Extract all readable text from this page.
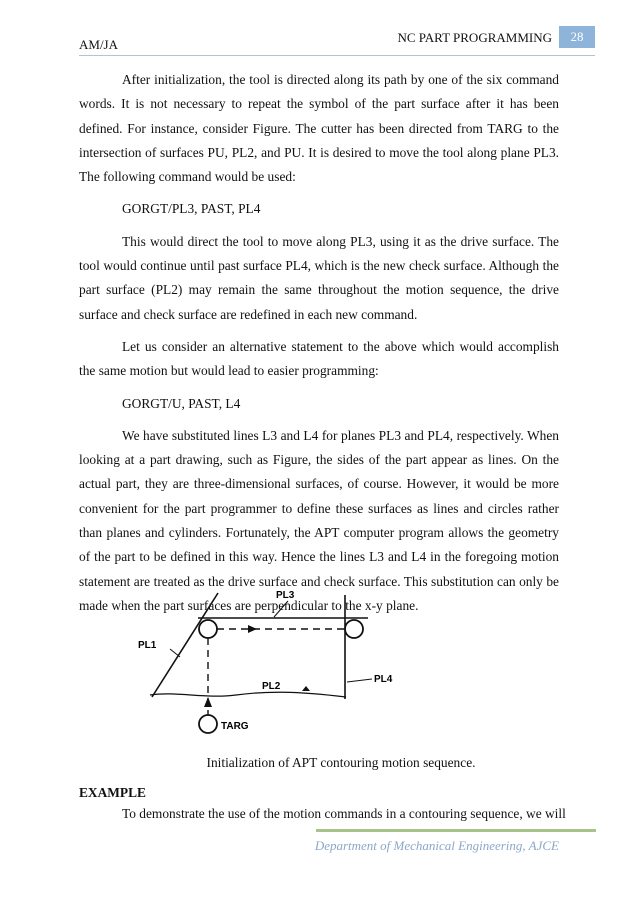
AM/JA	NC PART PROGRAMMING	28

After initialization, the tool is directed along its path by one of the six command words. It is not necessary to repeat the symbol of the part surface after it has been defined. For instance, consider Figure. The cutter has been directed from TARG to the intersection of surfaces PU, PL2, and PU. It is desired to move the tool along plane PL3. The following command would be used:

GORGT/PL3, PAST, PL4

This would direct the tool to move along PL3, using it as the drive surface. The tool would continue until past surface PL4, which is the new check surface. Although the part surface (PL2) may remain the same throughout the motion sequence, the drive surface and check surface are redefined in each new command.

Let us consider an alternative statement to the above which would accomplish the same motion but would lead to easier programming:

GORGT/U, PAST, L4

We have substituted lines L3 and L4 for planes PL3 and PL4, respectively. When looking at a part drawing, such as Figure, the sides of the part appear as lines. On the actual part, they are three-dimensional surfaces, of course. However, it would be more convenient for the part programmer to define these surfaces as lines and circles rather than planes and cylinders. Fortunately, the APT computer program allows the geometry of the part to be defined in this way. Hence the lines L3 and L4 in the foregoing motion statement are treated as the drive surface and check surface. This substitution can only be made when the part surfaces are perpendicular to the x-y plane.

PL3
PL1
PL2
PL4
TARG
Initialization of APT contouring motion sequence.
EXAMPLE
To demonstrate the use of the motion commands in a contouring sequence, we will
Department of Mechanical Engineering, AJCE
